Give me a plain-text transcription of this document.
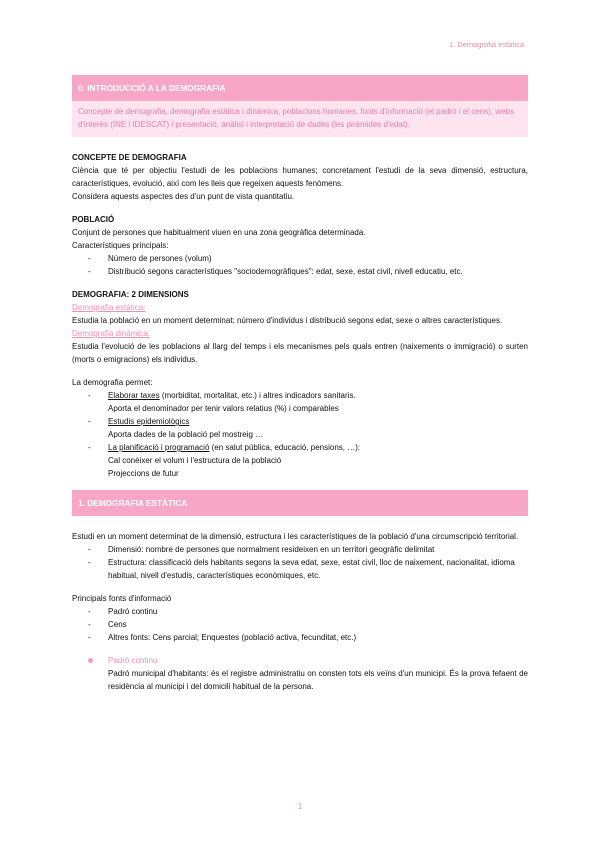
1. Demografia estàtica
0. INTRODUCCIÓ A LA DEMOGRAFIA
Concepte de demografia, demografia estàtica i dinàmica, poblacions humanes, fonts d'informació (el padró i el cens), webs d'interès (INE i IDESCAT) i presentació, anàlisi i interpretació de dades (les piràmides d'edat).
CONCEPTE DE DEMOGRAFIA

Ciència que té per objectiu l'estudi de les poblacions humanes; concretament l'estudi de la seva dimensió, estructura, característiques, evolució, així com les lleis que regeixen aquests fenòmens.

Considera aquests aspectes des d'un punt de vista quantitatiu.

POBLACIÓ

Conjunt de persones que habitualment viuen en una zona geogràfica determinada.

Característiques principals:

- Número de persones (volum)
- Distribució segons característiques "sociodemogràfiques": edat, sexe, estat civil, nivell educatiu, etc.
DEMOGRAFIA: 2 DIMENSIONS
Demografia estàtica:

Estudia la població en un moment determinat: número d'individus i distribució segons edat, sexe o altres característiques.

Demografia dinàmica:

Estudia l'evolució de les poblacions al llarg del temps i els mecanismes pels quals entren (naixements o immigració) o surten (morts o emigracions) els individus.

La demografia permet:

- Elaborar taxes (morbiditat, mortalitat, etc.) i altres indicadors sanitaris.
Aporta el denominador per tenir valors relatius (%) i comparables
- Estudis epidemiològics
Aporta dades de la població pel mostreig …
- La planificació i programació (en salut pública, educació, pensions, …):
Cal conèixer el volum i l'estructura de la població
Projeccions de futur
1. DEMOGRAFIA ESTÀTICA

Estudi en un moment determinat de la dimensió, estructura i les característiques de la població d'una circumscripció territorial.

- Dimensió: nombre de persones que normalment resideixen en un territori geogràfic delimitat
- Estructura: classificació dels habitants segons la seva edat, sexe, estat civil, lloc de naixement, nacionalitat, idioma habitual, nivell d'estudis, característiques econòmiques, etc.

Principals fonts d'informació

- Padró continu
- Cens
- Altres fonts: Cens parcial; Enquestes (població activa, fecunditat, etc.)
Padró continu

Padró municipal d'habitants: és el registre administratiu on consten tots els veïns d'un municipi. És la prova fefaent de residència al municipi i del domicili habitual de la persona.

1
